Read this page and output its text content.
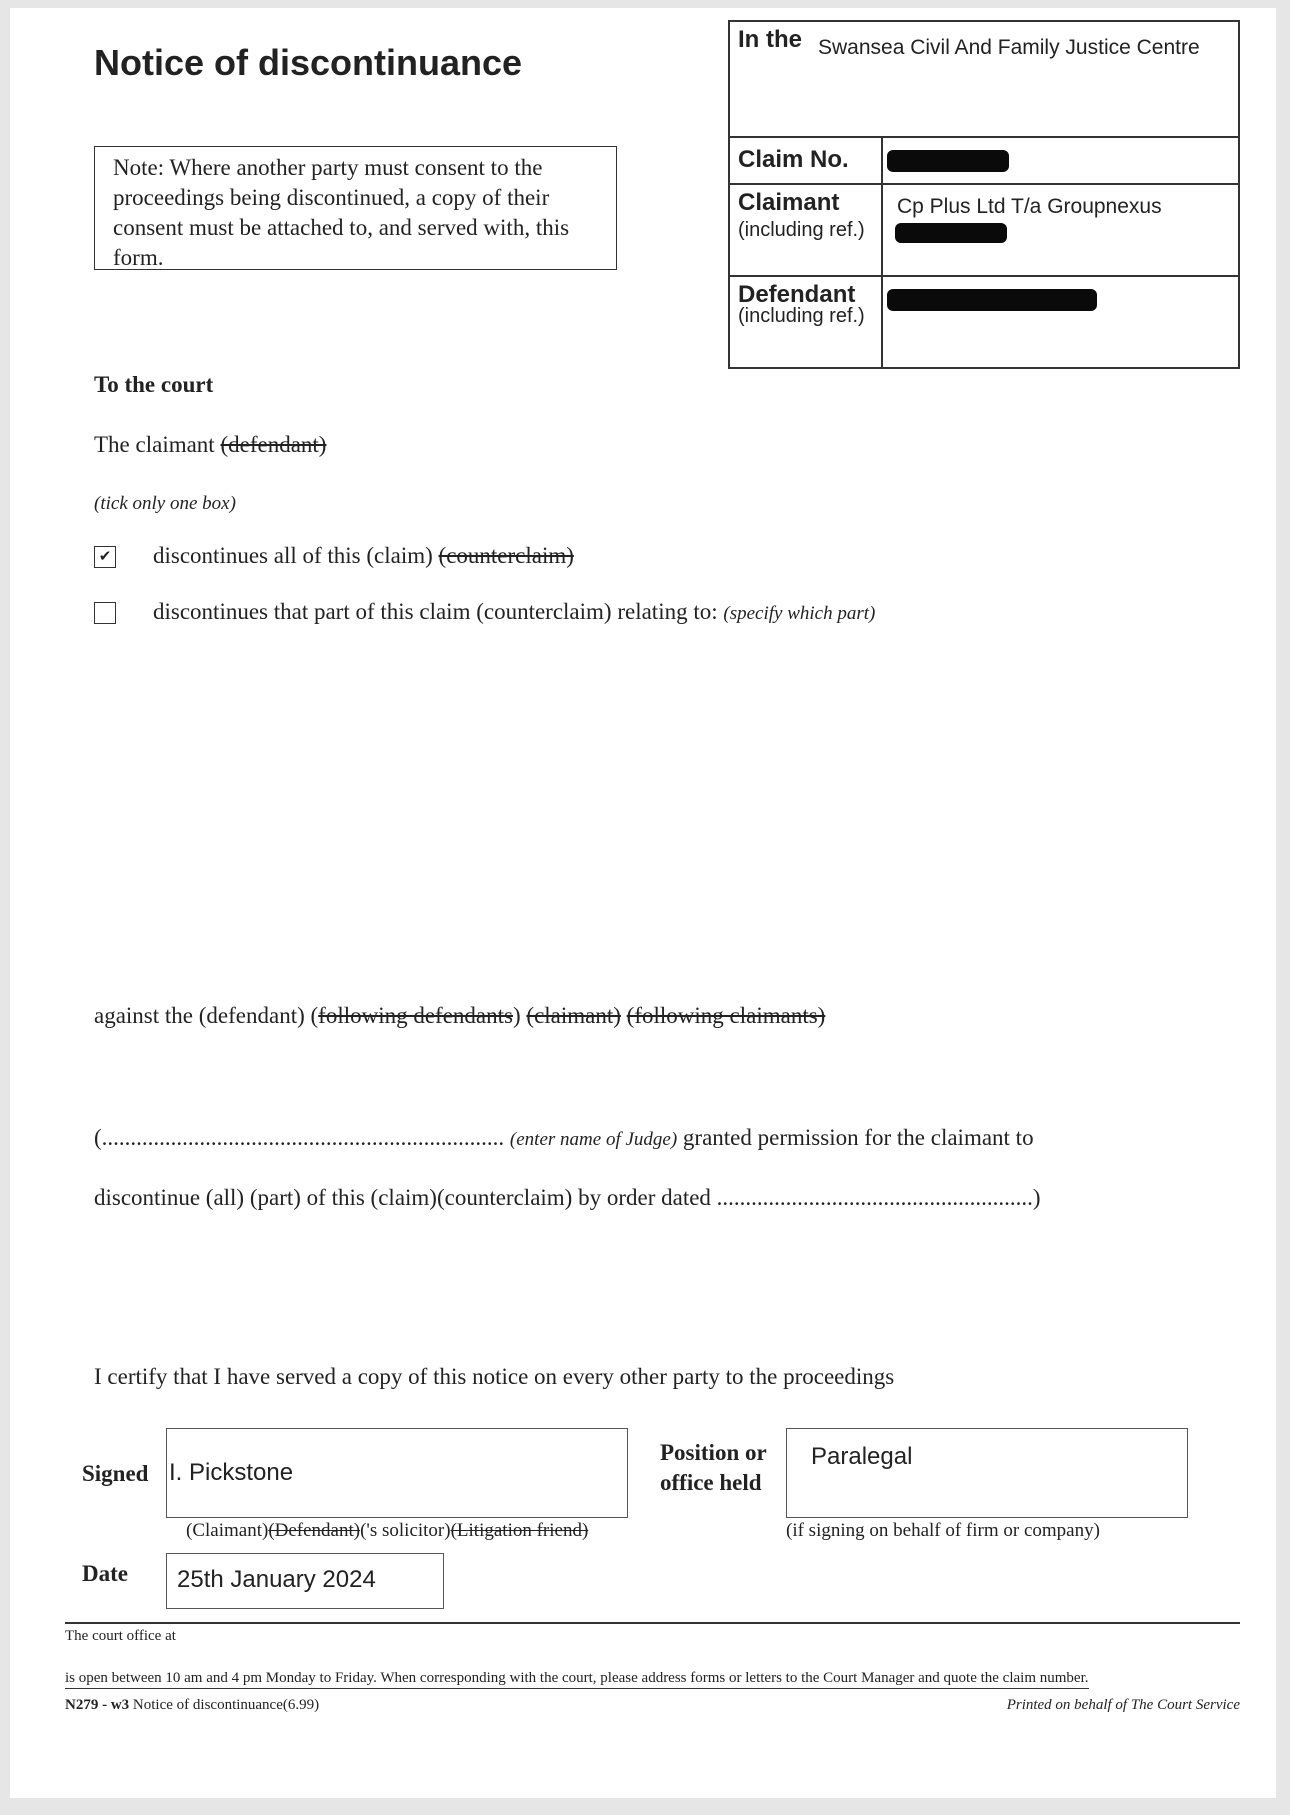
Notice of discontinuance
Note: Where another party must consent to the proceedings being discontinued, a copy of their consent must be attached to, and served with, this form.
In the Swansea Civil And Family Justice Centre
Claim No.
Claimant
(including ref.)
Cp Plus Ltd T/a Groupnexus
Defendant
(including ref.)
To the court
The claimant (defendant)
(tick only one box)
✔ discontinues all of this (claim) (counterclaim)
discontinues that part of this claim (counterclaim) relating to: (specify which part)
against the (defendant) (following defendants) (claimant) (following claimants)
(...................................................................... (enter name of Judge) granted permission for the claimant to
discontinue (all) (part) of this (claim)(counterclaim) by order dated .......................................................)
I certify that I have served a copy of this notice on every other party to the proceedings
Signed I. Pickstone
(Claimant)(Defendant)('s solicitor)(Litigation friend)
Position or
office held
Paralegal
(if signing on behalf of firm or company)
Date	25th January 2024
The court office at
is open between 10 am and 4 pm Monday to Friday. When corresponding with the court, please address forms or letters to the Court Manager and quote the claim number.
N279 - w3 Notice of discontinuance(6.99)	Printed on behalf of The Court Service
